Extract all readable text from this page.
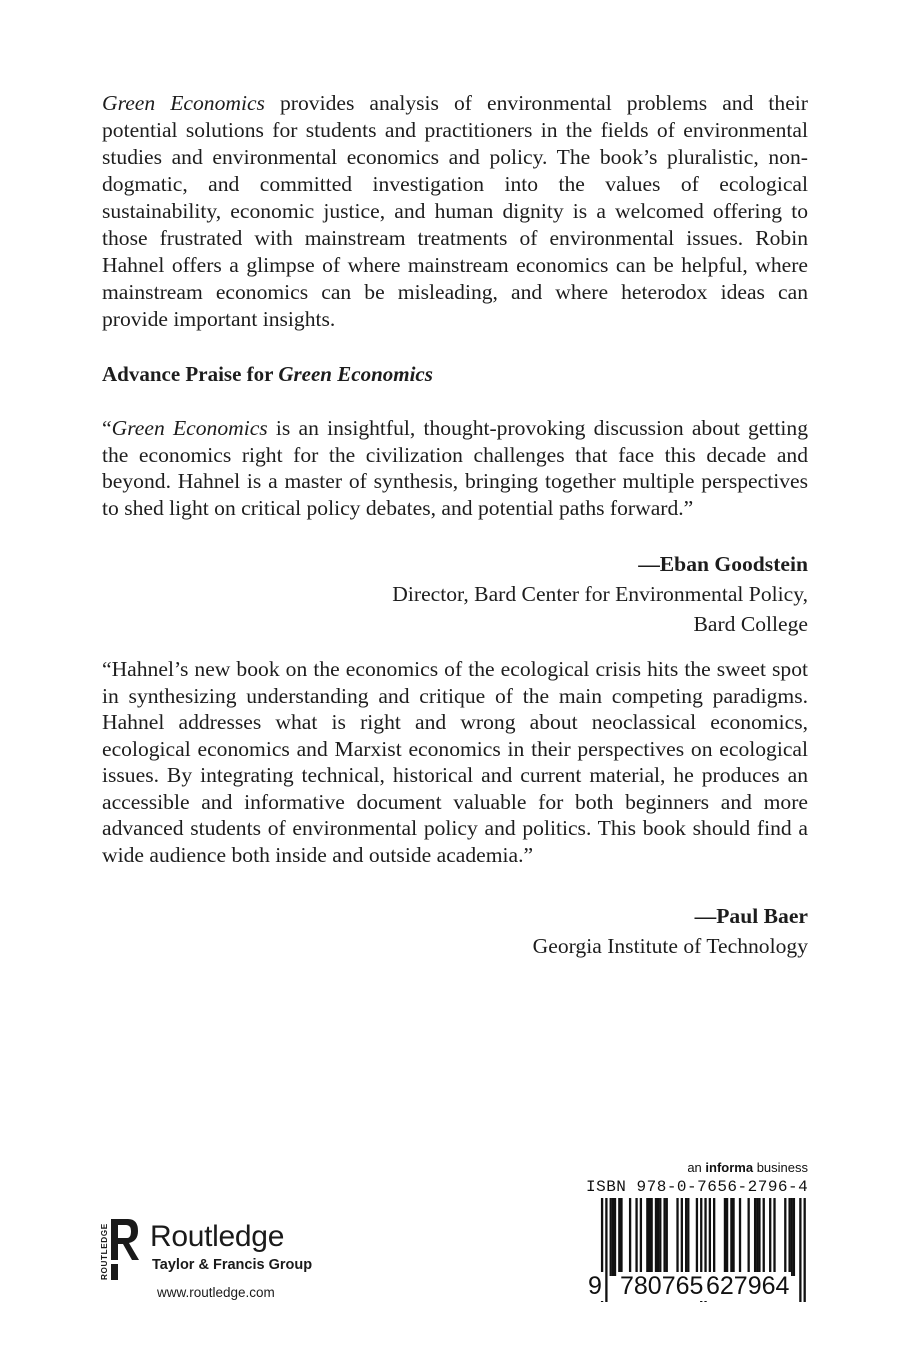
Green Economics provides analysis of environmental problems and their potential solutions for students and practitioners in the fields of environmental studies and environmental economics and policy. The book’s pluralistic, non-dogmatic, and committed investigation into the values of ecological sustainability, economic justice, and human dignity is a welcomed offering to those frustrated with mainstream treatments of environmental issues. Robin Hahnel offers a glimpse of where mainstream economics can be helpful, where mainstream economics can be misleading, and where heterodox ideas can provide important insights.

Advance Praise for Green Economics

“Green Economics is an insightful, thought-provoking discussion about getting the economics right for the civilization challenges that face this decade and beyond. Hahnel is a master of synthesis, bringing together multiple perspectives to shed light on critical policy debates, and potential paths forward.”

—Eban Goodstein
Director, Bard Center for Environmental Policy,
Bard College

“Hahnel’s new book on the economics of the ecological crisis hits the sweet spot in synthesizing understanding and critique of the main competing paradigms. Hahnel addresses what is right and wrong about neoclassical economics, ecological economics and Marxist economics in their perspectives on ecological issues. By integrating technical, historical and current material, he produces an accessible and informative document valuable for both beginners and more advanced students of environmental policy and politics. This book should find a wide audience both inside and outside academia.”

—Paul Baer
Georgia Institute of Technology
ROUTLEDGE Routledge
Taylor & Francis Group
www.routledge.com
an informa business
ISBN 978-0-7656-2796-4
9 780765 627964
